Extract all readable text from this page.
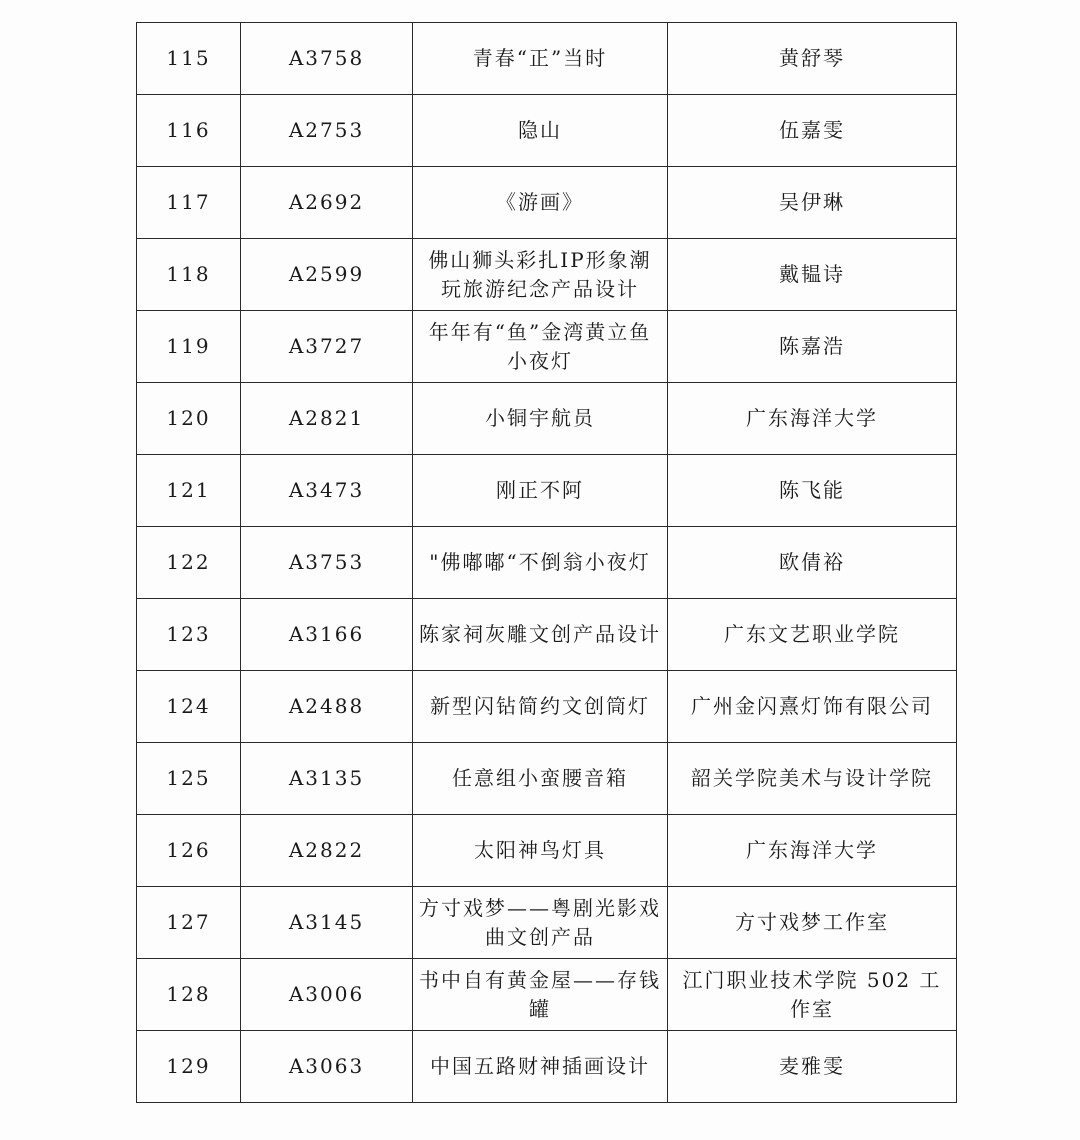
115	A3758	青春“正”当时	黄舒琴
116	A2753	隐山	伍嘉雯
117	A2692	《游画》	吴伊琳
118	A2599	佛山狮头彩扎IP形象潮玩旅游纪念产品设计	戴韫诗
119	A3727	年年有“鱼”金湾黄立鱼小夜灯	陈嘉浩
120	A2821	小铜宇航员	广东海洋大学
121	A3473	刚正不阿	陈飞能
122	A3753	"佛嘟嘟“不倒翁小夜灯	欧倩裕
123	A3166	陈家祠灰雕文创产品设计	广东文艺职业学院
124	A2488	新型闪钻简约文创筒灯	广州金闪熹灯饰有限公司
125	A3135	任意组小蛮腰音箱	韶关学院美术与设计学院
126	A2822	太阳神鸟灯具	广东海洋大学
127	A3145	方寸戏梦——粤剧光影戏曲文创产品	方寸戏梦工作室
128	A3006	书中自有黄金屋——存钱罐	江门职业技术学院 502 工作室
129	A3063	中国五路财神插画设计	麦雅雯
